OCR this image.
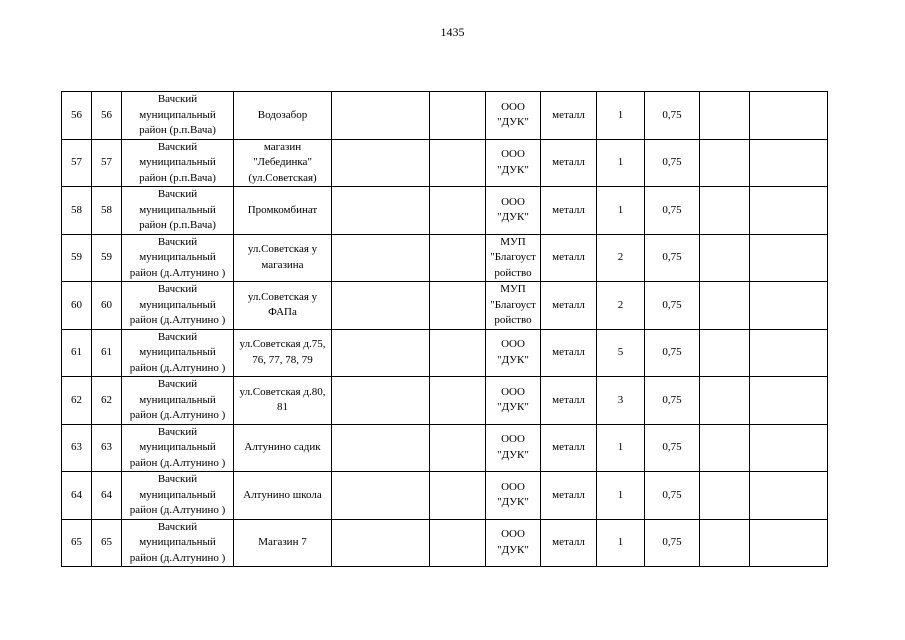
1435
56	56	Вачский
муниципальный
район (р.п.Вача)	Водозабор			ООО
"ДУК"	металл	1	0,75		
57	57	Вачский
муниципальный
район (р.п.Вача)	магазин
"Лебединка"
(ул.Советская)			ООО
"ДУК"	металл	1	0,75		
58	58	Вачский
муниципальный
район (р.п.Вача)	Промкомбинат			ООО
"ДУК"	металл	1	0,75		
59	59	Вачский
муниципальный
район (д.Алтунино )	ул.Советская у
магазина			МУП
"Благоуст
ройство	металл	2	0,75		
60	60	Вачский
муниципальный
район (д.Алтунино )	ул.Советская у
ФАПа			МУП
"Благоуст
ройство	металл	2	0,75		
61	61	Вачский
муниципальный
район (д.Алтунино )	ул.Советская д.75,
76, 77, 78, 79			ООО
"ДУК"	металл	5	0,75		
62	62	Вачский
муниципальный
район (д.Алтунино )	ул.Советская д.80,
81			ООО
"ДУК"	металл	3	0,75		
63	63	Вачский
муниципальный
район (д.Алтунино )	Алтунино садик			ООО
"ДУК"	металл	1	0,75		
64	64	Вачский
муниципальный
район (д.Алтунино )	Алтунино школа			ООО
"ДУК"	металл	1	0,75		
65	65	Вачский
муниципальный
район (д.Алтунино )	Магазин 7			ООО
"ДУК"	металл	1	0,75		
